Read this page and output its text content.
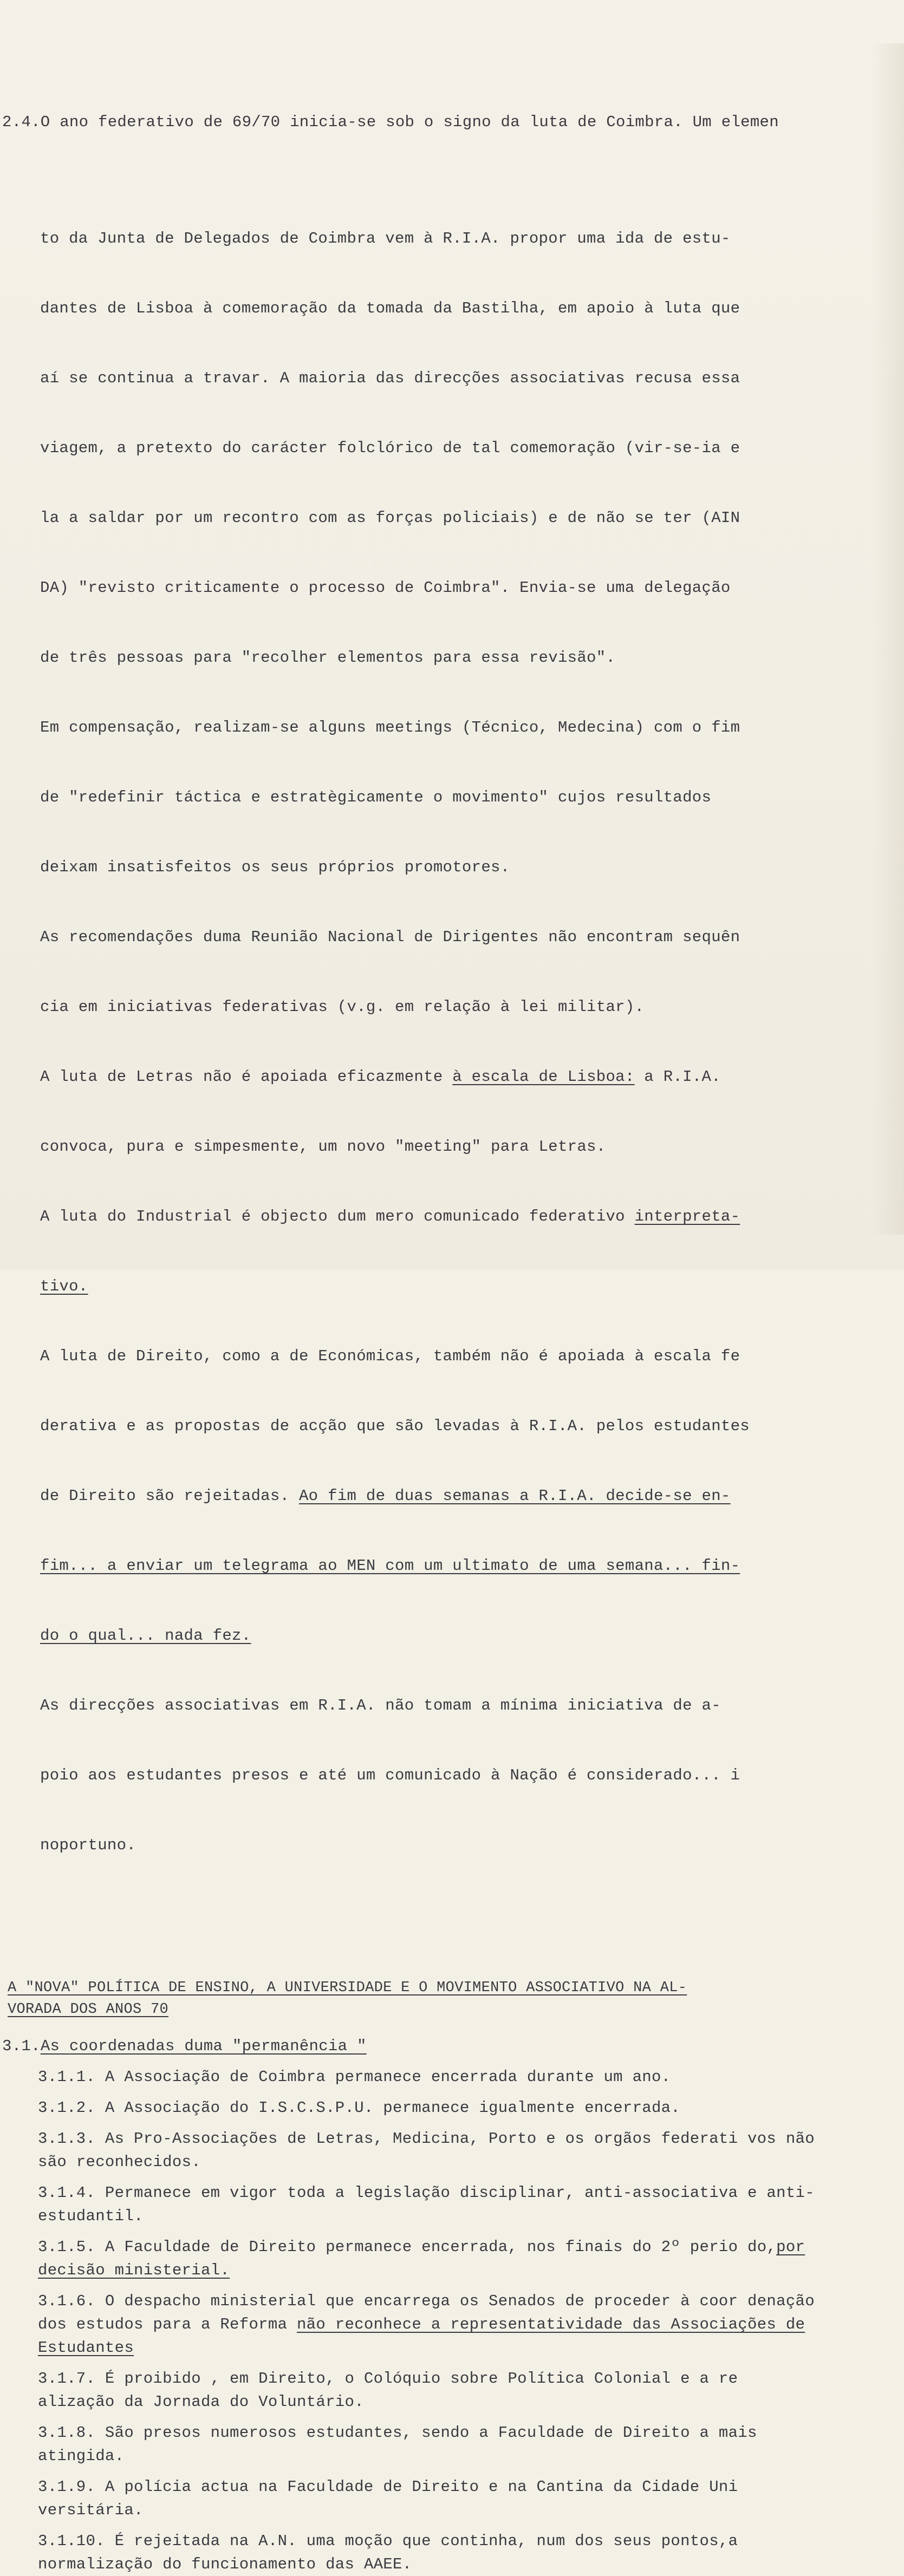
2.4.O ano federativo de 69/70 inicia-se sob o signo da luta de Coimbra. Um elemen

to da Junta de Delegados de Coimbra vem à R.I.A. propor uma ida de estu-

dantes de Lisboa à comemoração da tomada da Bastilha, em apoio à luta que

aí se continua a travar. A maioria das direcções associativas recusa essa

viagem, a pretexto do carácter folclórico de tal comemoração (vir-se-ia e

la a saldar por um recontro com as forças policiais) e de não se ter (AIN

DA) "revisto criticamente o processo de Coimbra". Envia-se uma delegação

de três pessoas para "recolher elementos para essa revisão".

Em compensação, realizam-se alguns meetings (Técnico, Medecina) com o fim

de "redefinir táctica e estratègicamente o movimento" cujos resultados

deixam insatisfeitos os seus próprios promotores.

As recomendações duma Reunião Nacional de Dirigentes não encontram sequên

cia em iniciativas federativas (v.g. em relação à lei militar).

A luta de Letras não é apoiada eficazmente à escala de Lisboa: a R.I.A.

convoca, pura e simpesmente, um novo "meeting" para Letras.

A luta do Industrial é objecto dum mero comunicado federativo interpreta-

tivo.

A luta de Direito, como a de Económicas, também não é apoiada à escala fe

derativa e as propostas de acção que são levadas à R.I.A. pelos estudantes

de Direito são rejeitadas. Ao fim de duas semanas a R.I.A. decide-se en-

fim... a enviar um telegrama ao MEN com um ultimato de uma semana... fin-

do o qual... nada fez.

As direcções associativas em R.I.A. não tomam a mínima iniciativa de a-

poio aos estudantes presos e até um comunicado à Nação é considerado... i

noportuno.

A "NOVA" POLÍTICA DE ENSINO, A UNIVERSIDADE E O MOVIMENTO ASSOCIATIVO NA AL-
VORADA DOS ANOS 70
3.1.As coordenadas duma "permanência "
3.1.1. A Associação de Coimbra permanece encerrada durante um ano.
3.1.2. A Associação do I.S.C.S.P.U. permanece igualmente encerrada.
3.1.3. As Pro-Associações de Letras, Medicina, Porto e os orgãos federati vos não são reconhecidos.
3.1.4. Permanece em vigor toda a legislação disciplinar, anti-associativa e anti-estudantil.
3.1.5. A Faculdade de Direito permanece encerrada, nos finais do 2º perio do,por decisão ministerial.
3.1.6. O despacho ministerial que encarrega os Senados de proceder à coor denação dos estudos para a Reforma não reconhece a representatividade das Associações de Estudantes
3.1.7. É proibido , em Direito, o Colóquio sobre Política Colonial e a re alização da Jornada do Voluntário.
3.1.8. São presos numerosos estudantes, sendo a Faculdade de Direito a mais atingida.
3.1.9. A polícia actua na Faculdade de Direito e na Cantina da Cidade Uni versitária.
3.1.10. É rejeitada na A.N. uma moção que continha, num dos seus pontos,a normalização do funcionamento das AAEE.
